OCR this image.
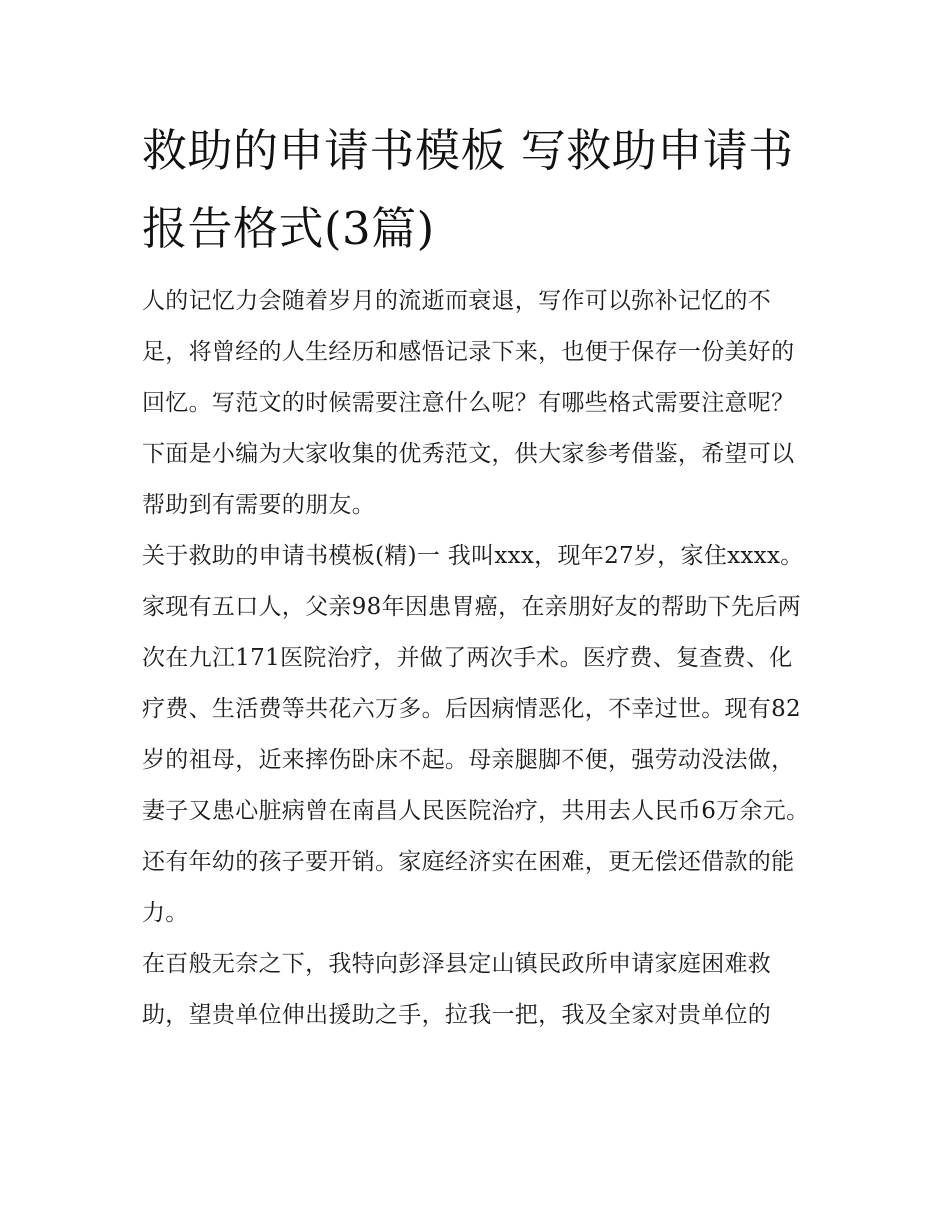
救助的申请书模板 写救助申请书报告格式(3篇)

人的记忆力会随着岁月的流逝而衰退，写作可以弥补记忆的不足，将曾经的人生经历和感悟记录下来，也便于保存一份美好的回忆。写范文的时候需要注意什么呢？有哪些格式需要注意呢？下面是小编为大家收集的优秀范文，供大家参考借鉴，希望可以帮助到有需要的朋友。

关于救助的申请书模板(精)一 我叫xxx，现年27岁，家住xxxx。

家现有五口人，父亲98年因患胃癌，在亲朋好友的帮助下先后两次在九江171医院治疗，并做了两次手术。医疗费、复查费、化疗费、生活费等共花六万多。后因病情恶化，不幸过世。现有82岁的祖母，近来摔伤卧床不起。母亲腿脚不便，强劳动没法做，妻子又患心脏病曾在南昌人民医院治疗，共用去人民币6万余元。还有年幼的孩子要开销。家庭经济实在困难，更无偿还借款的能力。

在百般无奈之下，我特向彭泽县定山镇民政所申请家庭困难救助，望贵单位伸出援助之手，拉我一把，我及全家对贵单位的
